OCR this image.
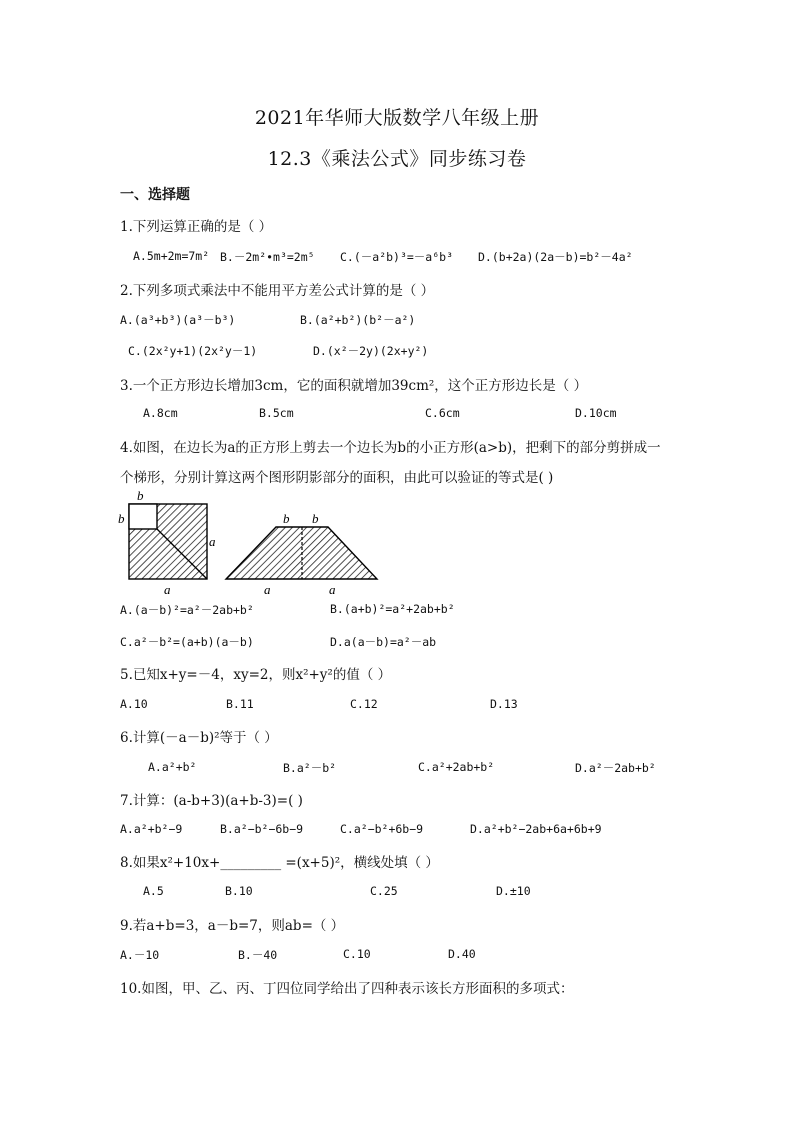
2021年华师大版数学八年级上册
12.3《乘法公式》同步练习卷
一、选择题
1.下列运算正确的是（ ）
A.5m+2m=7m² B.－2m²•m³=2m⁵ C.(－a²b)³=－a⁶b³ D.(b+2a)(2a－b)=b²－4a²
2.下列多项式乘法中不能用平方差公式计算的是（ ）
A.(a³+b³)(a³－b³)	B.(a²+b²)(b²－a²)
C.(2x²y+1)(2x²y－1)	D.(x²－2y)(2x+y²)
3.一个正方形边长增加3cm，它的面积就增加39cm²，这个正方形边长是（ ）
A.8cm	B.5cm	C.6cm	D.10cm
4.如图，在边长为a的正方形上剪去一个边长为b的小正方形(a>b)，把剩下的部分剪拼成一
个梯形，分别计算这两个图形阴影部分的面积，由此可以验证的等式是( )
b
b
a
a
b b
a	a
A.(a－b)²=a²－2ab+b²	B.(a+b)²=a²+2ab+b²
C.a²－b²=(a+b)(a－b)	D.a(a－b)=a²－ab
5.已知x+y=－4，xy=2，则x²+y²的值（ ）
A.10	B.11	C.12	D.13
6.计算(－a－b)²等于（ ）
A.a²+b²	B.a²－b²	C.a²+2ab+b²	D.a²－2ab+b²
7.计算：(a-b+3)(a+b-3)=( )
A.a²+b²−9	B.a²−b²−6b−9	C.a²−b²+6b−9	D.a²+b²−2ab+6a+6b+9
8.如果x²+10x+_________ =(x+5)²，横线处填（ ）
A.5	B.10	C.25	D.±10
9.若a+b=3，a－b=7，则ab=（ ）
A.－10	B.－40	C.10	D.40
10.如图，甲、乙、丙、丁四位同学给出了四种表示该长方形面积的多项式：
